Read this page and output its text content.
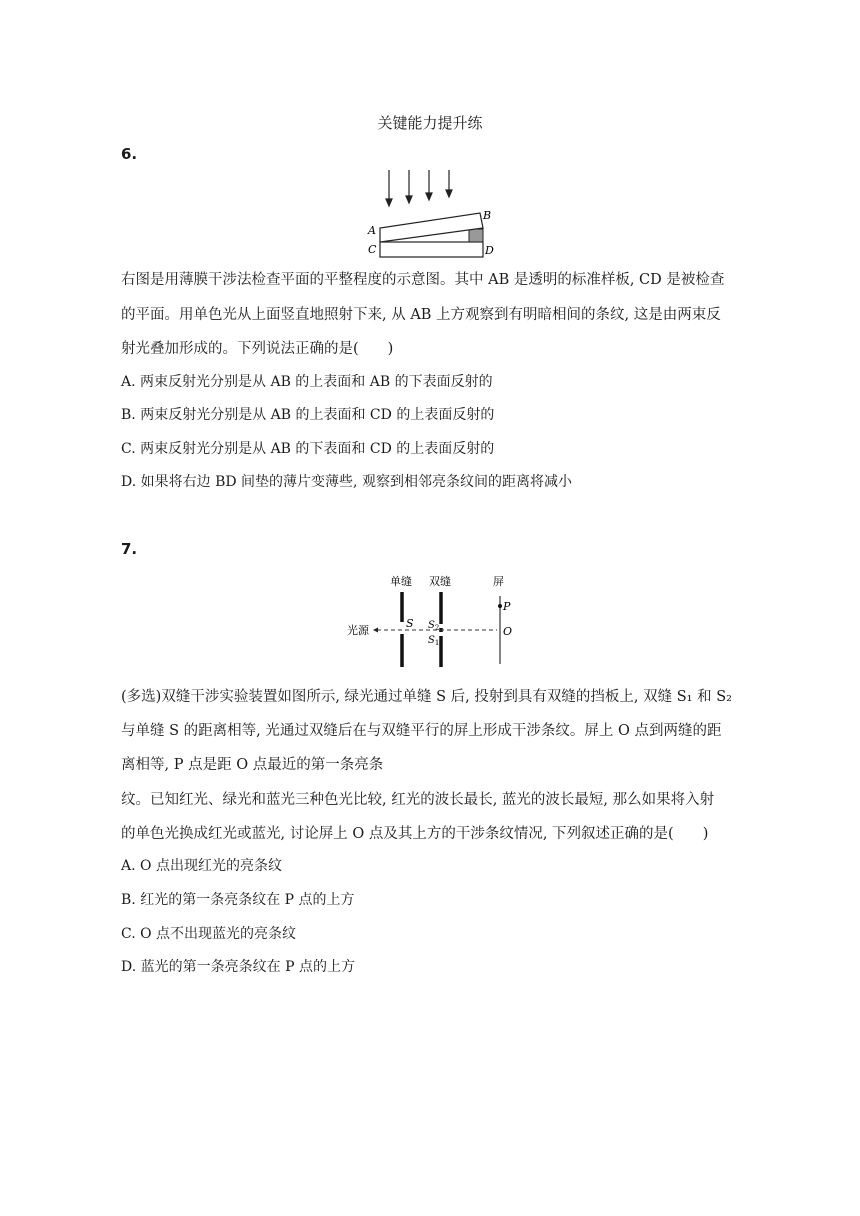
关键能力提升练
6.
A
B
C	D
右图是用薄膜干涉法检查平面的平整程度的示意图。其中 AB 是透明的标准样板, CD 是被检查
的平面。用单色光从上面竖直地照射下来, 从 AB 上方观察到有明暗相间的条纹, 这是由两束反
射光叠加形成的。下列说法正确的是(　　)
A. 两束反射光分别是从 AB 的上表面和 AB 的下表面反射的
B. 两束反射光分别是从 AB 的上表面和 CD 的上表面反射的
C. 两束反射光分别是从 AB 的下表面和 CD 的上表面反射的
D. 如果将右边 BD 间垫的薄片变薄些, 观察到相邻亮条纹间的距离将减小
7.
单缝 双缝	屏
光源
S $S_2$
$S_1$
P
O
(多选)双缝干涉实验装置如图所示, 绿光通过单缝 S 后, 投射到具有双缝的挡板上, 双缝 S₁ 和 S₂
与单缝 S 的距离相等, 光通过双缝后在与双缝平行的屏上形成干涉条纹。屏上 O 点到两缝的距
离相等, P 点是距 O 点最近的第一条亮条
纹。已知红光、绿光和蓝光三种色光比较, 红光的波长最长, 蓝光的波长最短, 那么如果将入射
的单色光换成红光或蓝光, 讨论屏上 O 点及其上方的干涉条纹情况, 下列叙述正确的是(　　)
A. O 点出现红光的亮条纹
B. 红光的第一条亮条纹在 P 点的上方
C. O 点不出现蓝光的亮条纹
D. 蓝光的第一条亮条纹在 P 点的上方
